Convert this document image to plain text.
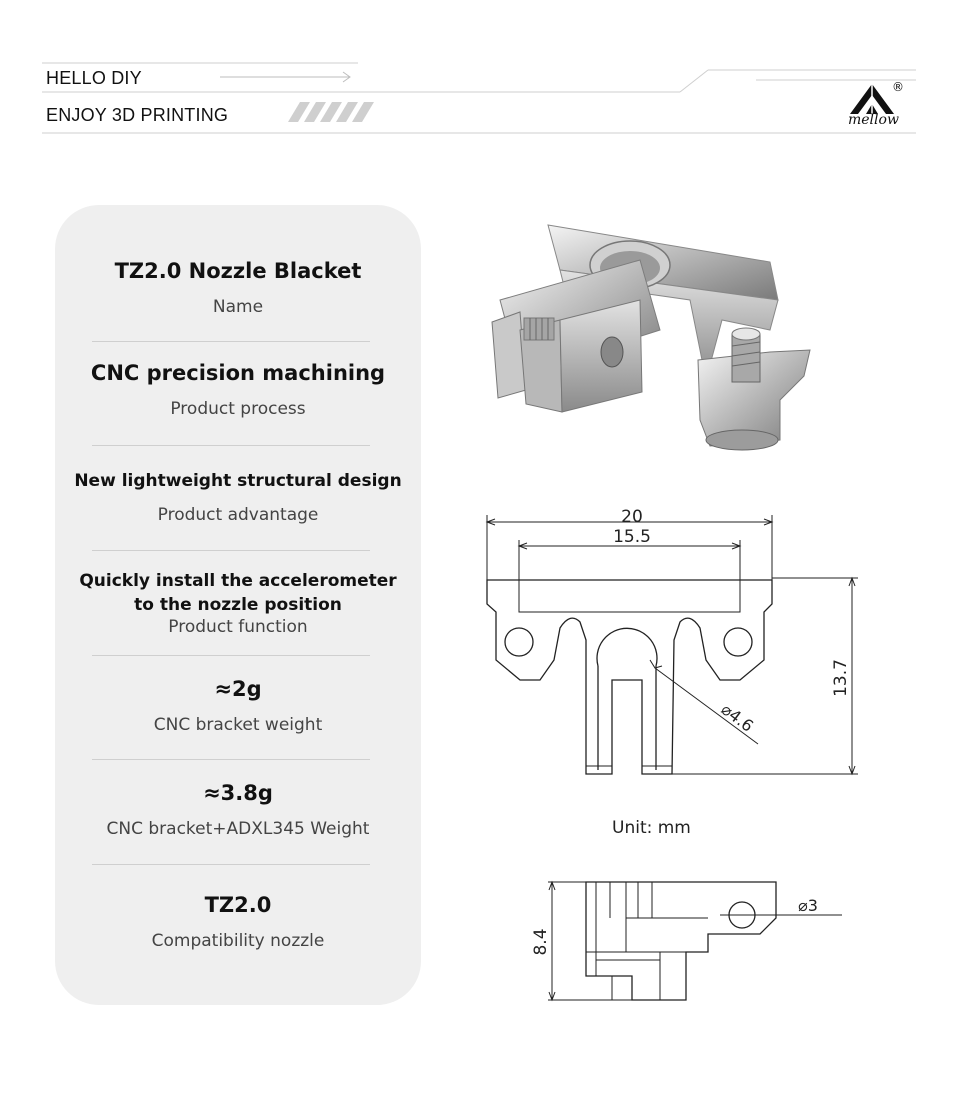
HELLO DIY
ENJOY 3D PRINTING	mellow
®
TZ2.0 Nozzle Blacket
Name
CNC precision machining
Product process
New lightweight structural design
Product advantage
Quickly install the accelerometer
to the nozzle position
Product function
≈2g
CNC bracket weight
≈3.8g
CNC bracket+ADXL345 Weight
TZ2.0
Compatibility nozzle
20
15.5
13.7
⌀4.6
8.4
⌀3
Unit: mm
